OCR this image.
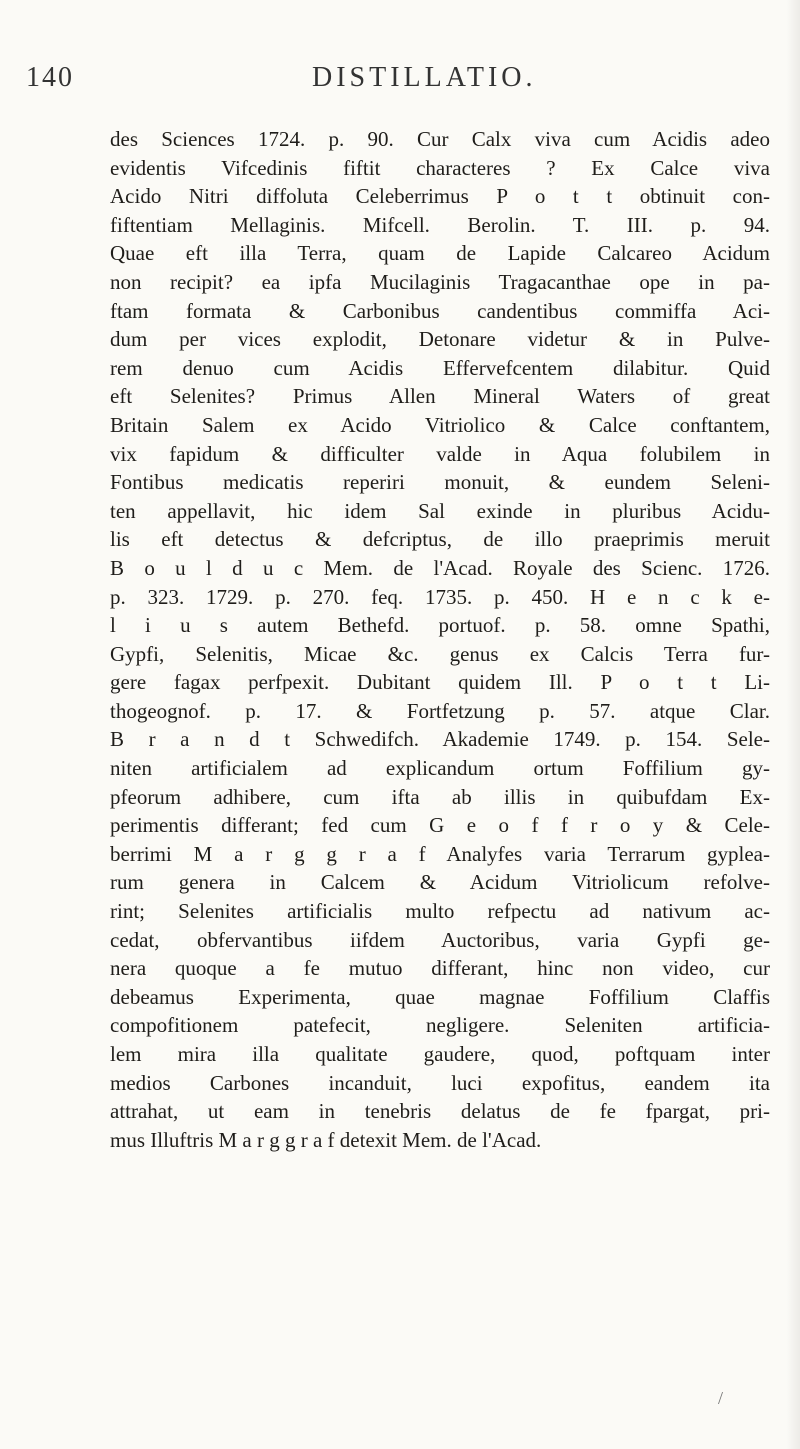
140	DISTILLATIO.
des Sciences 1724. p. 90. Cur Calx viva cum Acidis adeo
evidentis Vifcedinis fiftit characteres ? Ex Calce viva
Acido Nitri diffoluta Celeberrimus P o t t obtinuit con-
fiftentiam Mellaginis. Mifcell. Berolin. T. III. p. 94.
Quae eft illa Terra, quam de Lapide Calcareo Acidum
non recipit? ea ipfa Mucilaginis Tragacanthae ope in pa-
ftam formata & Carbonibus candentibus commiffa Aci-
dum per vices explodit, Detonare videtur & in Pulve-
rem denuo cum Acidis Effervefcentem dilabitur. Quid
eft Selenites? Primus Allen Mineral Waters of great
Britain Salem ex Acido Vitriolico & Calce conftantem,
vix fapidum & difficulter valde in Aqua folubilem in
Fontibus medicatis reperiri monuit, & eundem Seleni-
ten appellavit, hic idem Sal exinde in pluribus Acidu-
lis eft detectus & defcriptus, de illo praeprimis meruit
B o u l d u c Mem. de l'Acad. Royale des Scienc. 1726.
p. 323. 1729. p. 270. feq. 1735. p. 450. H e n c k e-
l i u s autem Bethefd. portuof. p. 58. omne Spathi,
Gypfi, Selenitis, Micae &c. genus ex Calcis Terra fur-
gere fagax perfpexit. Dubitant quidem Ill. P o t t Li-
thogeognof. p. 17. & Fortfetzung p. 57. atque Clar.
B r a n d t Schwedifch. Akademie 1749. p. 154. Sele-
niten artificialem ad explicandum ortum Foffilium gy-
pfeorum adhibere, cum ifta ab illis in quibufdam Ex-
perimentis differant; fed cum G e o f f r o y & Cele-
berrimi M a r g g r a f Analyfes varia Terrarum gyplea-
rum genera in Calcem & Acidum Vitriolicum refolve-
rint; Selenites artificialis multo refpectu ad nativum ac-
cedat, obfervantibus iifdem Auctoribus, varia Gypfi ge-
nera quoque a fe mutuo differant, hinc non video, cur
debeamus Experimenta, quae magnae Foffilium Claffis
compofitionem patefecit, negligere. Seleniten artificia-
lem mira illa qualitate gaudere, quod, poftquam inter
medios Carbones incanduit, luci expofitus, eandem ita
attrahat, ut eam in tenebris delatus de fe fpargat, pri-
mus Illuftris M a r g g r a f detexit Mem. de l'Acad.
/
